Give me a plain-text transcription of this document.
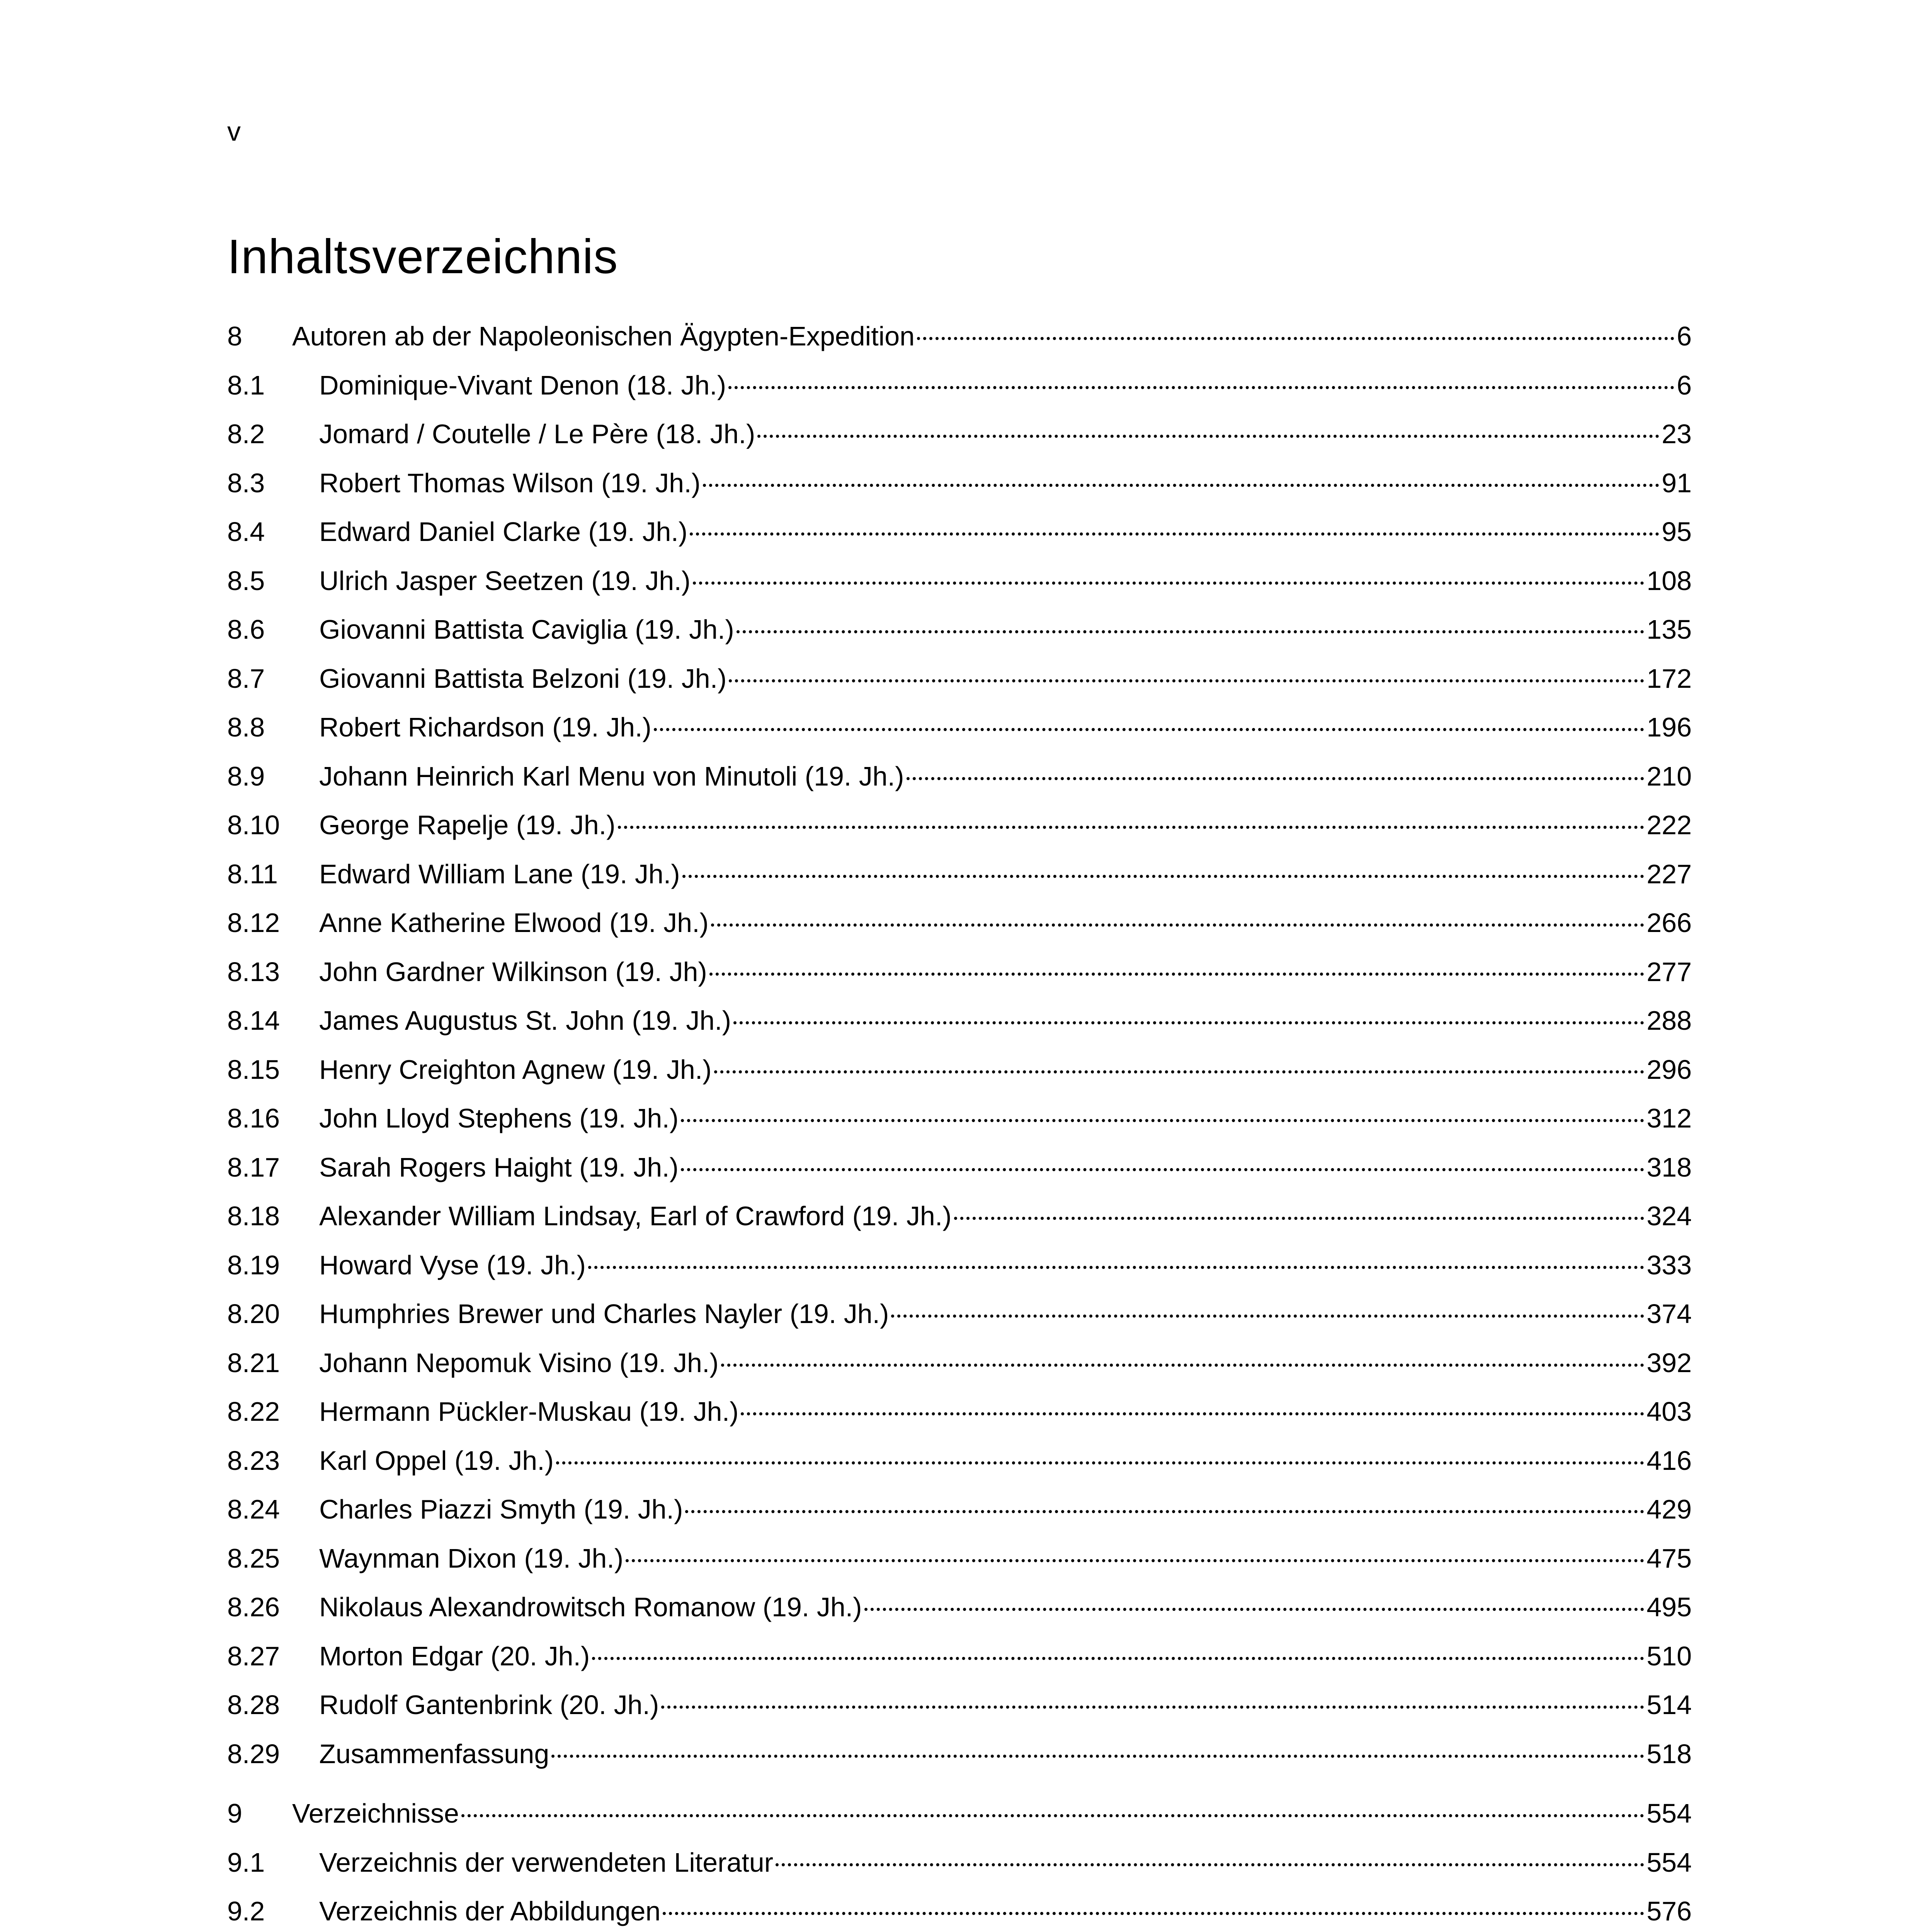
v
Inhaltsverzeichnis
8	Autoren ab der Napoleonischen Ägypten-Expedition	6
8.1	Dominique-Vivant Denon (18. Jh.)	6
8.2	Jomard / Coutelle / Le Père (18. Jh.)	23
8.3	Robert Thomas Wilson (19. Jh.)	91
8.4	Edward Daniel Clarke (19. Jh.)	95
8.5	Ulrich Jasper Seetzen (19. Jh.)	108
8.6	Giovanni Battista Caviglia (19. Jh.)	135
8.7	Giovanni Battista Belzoni (19. Jh.)	172
8.8	Robert Richardson (19. Jh.)	196
8.9	Johann Heinrich Karl Menu von Minutoli (19. Jh.)	210
8.10	George Rapelje (19. Jh.)	222
8.11	Edward William Lane (19. Jh.)	227
8.12	Anne Katherine Elwood (19. Jh.)	266
8.13	John Gardner Wilkinson (19. Jh)	277
8.14	James Augustus St. John (19. Jh.)	288
8.15	Henry Creighton Agnew (19. Jh.)	296
8.16	John Lloyd Stephens (19. Jh.)	312
8.17	Sarah Rogers Haight (19. Jh.)	318
8.18	Alexander William Lindsay, Earl of Crawford (19. Jh.)	324
8.19	Howard Vyse (19. Jh.)	333
8.20	Humphries Brewer und Charles Nayler (19. Jh.)	374
8.21	Johann Nepomuk Visino (19. Jh.)	392
8.22	Hermann Pückler-Muskau (19. Jh.)	403
8.23	Karl Oppel (19. Jh.)	416
8.24	Charles Piazzi Smyth (19. Jh.)	429
8.25	Waynman Dixon (19. Jh.)	475
8.26	Nikolaus Alexandrowitsch Romanow (19. Jh.)	495
8.27	Morton Edgar (20. Jh.)	510
8.28	Rudolf Gantenbrink (20. Jh.)	514
8.29	Zusammenfassung	518
9	Verzeichnisse	554
9.1	Verzeichnis der verwendeten Literatur	554
9.2	Verzeichnis der Abbildungen	576
